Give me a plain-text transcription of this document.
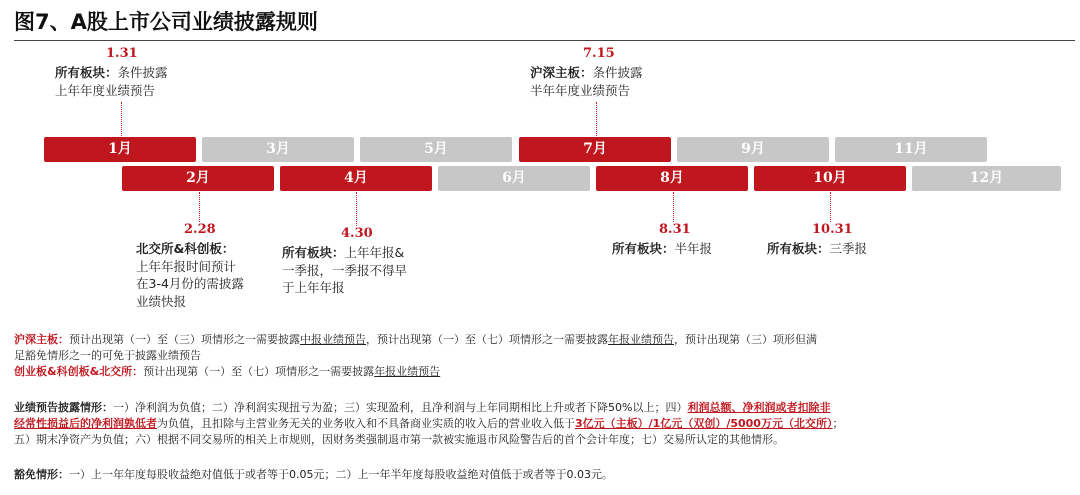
图7、A股上市公司业绩披露规则
1月	3月	5月	7月	9月	11月
2月	4月	6月	8月	10月	12月
1.31
所有板块：条件披露
上年年度业绩预告
7.15
沪深主板：条件披露
半年年度业绩预告
2.28
北交所&科创板：
上年年报时间预计
在3-4月份的需披露
业绩快报
4.30
所有板块：上年年报&
一季报，一季报不得早
于上年年报
8.31
所有板块：半年报
10.31
所有板块：三季报
沪深主板：预计出现第（一）至（三）项情形之一需要披露中报业绩预告，预计出现第（一）至（七）项情形之一需要披露年报业绩预告，预计出现第（三）项形但满
足豁免情形之一的可免于披露业绩预告
创业板&科创板&北交所：预计出现第（一）至（七）项情形之一需要披露年报业绩预告
业绩预告披露情形：一）净利润为负值；二）净利润实现扭亏为盈；三）实现盈利，且净利润与上年同期相比上升或者下降50%以上；四）利润总额、净利润或者扣除非
经常性损益后的净利润孰低者为负值，且扣除与主营业务无关的业务收入和不具备商业实质的收入后的营业收入低于3亿元（主板）/1亿元（双创）/5000万元（北交所）；
五）期末净资产为负值；六）根据不同交易所的相关上市规则，因财务类强制退市第一款被实施退市风险警告后的首个会计年度；七）交易所认定的其他情形。
豁免情形：一）上一年年度每股收益绝对值低于或者等于0.05元；二）上一年半年度每股收益绝对值低于或者等于0.03元。
